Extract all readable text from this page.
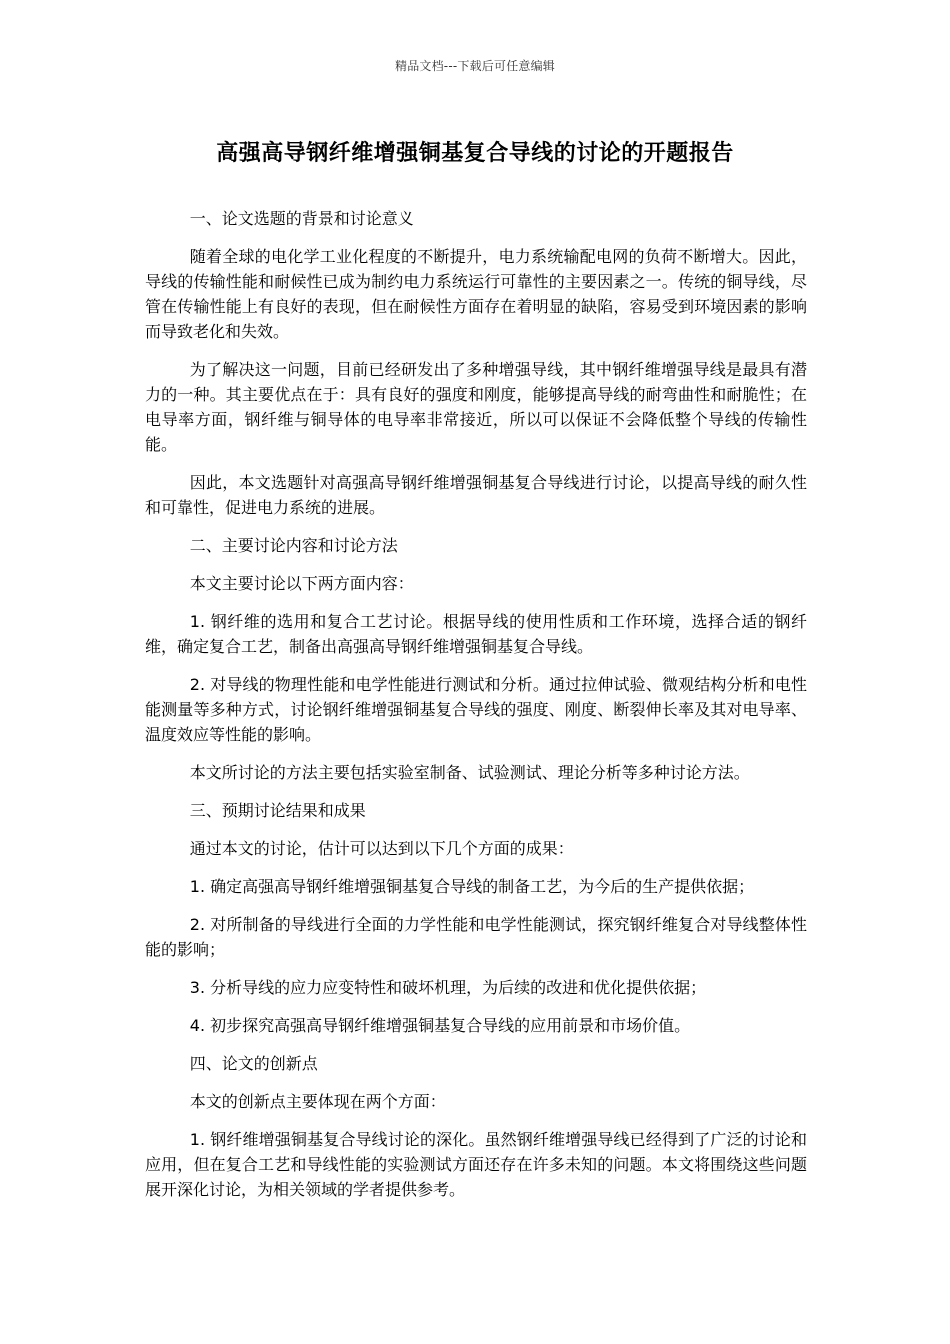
精品文档---下载后可任意编辑
高强高导钢纤维增强铜基复合导线的讨论的开题报告

一、论文选题的背景和讨论意义

随着全球的电化学工业化程度的不断提升，电力系统输配电网的负荷不断增大。因此，导线的传输性能和耐候性已成为制约电力系统运行可靠性的主要因素之一。传统的铜导线，尽管在传输性能上有良好的表现，但在耐候性方面存在着明显的缺陷，容易受到环境因素的影响而导致老化和失效。

为了解决这一问题，目前已经研发出了多种增强导线，其中钢纤维增强导线是最具有潜力的一种。其主要优点在于：具有良好的强度和刚度，能够提高导线的耐弯曲性和耐脆性；在电导率方面，钢纤维与铜导体的电导率非常接近，所以可以保证不会降低整个导线的传输性能。

因此，本文选题针对高强高导钢纤维增强铜基复合导线进行讨论，以提高导线的耐久性和可靠性，促进电力系统的进展。

二、主要讨论内容和讨论方法

本文主要讨论以下两方面内容：

1. 钢纤维的选用和复合工艺讨论。根据导线的使用性质和工作环境，选择合适的钢纤维，确定复合工艺，制备出高强高导钢纤维增强铜基复合导线。

2. 对导线的物理性能和电学性能进行测试和分析。通过拉伸试验、微观结构分析和电性能测量等多种方式，讨论钢纤维增强铜基复合导线的强度、刚度、断裂伸长率及其对电导率、温度效应等性能的影响。

本文所讨论的方法主要包括实验室制备、试验测试、理论分析等多种讨论方法。

三、预期讨论结果和成果

通过本文的讨论，估计可以达到以下几个方面的成果：

1. 确定高强高导钢纤维增强铜基复合导线的制备工艺，为今后的生产提供依据；

2. 对所制备的导线进行全面的力学性能和电学性能测试，探究钢纤维复合对导线整体性能的影响；

3. 分析导线的应力应变特性和破坏机理，为后续的改进和优化提供依据；

4. 初步探究高强高导钢纤维增强铜基复合导线的应用前景和市场价值。

四、论文的创新点

本文的创新点主要体现在两个方面：

1. 钢纤维增强铜基复合导线讨论的深化。虽然钢纤维增强导线已经得到了广泛的讨论和应用，但在复合工艺和导线性能的实验测试方面还存在许多未知的问题。本文将围绕这些问题展开深化讨论，为相关领域的学者提供参考。
